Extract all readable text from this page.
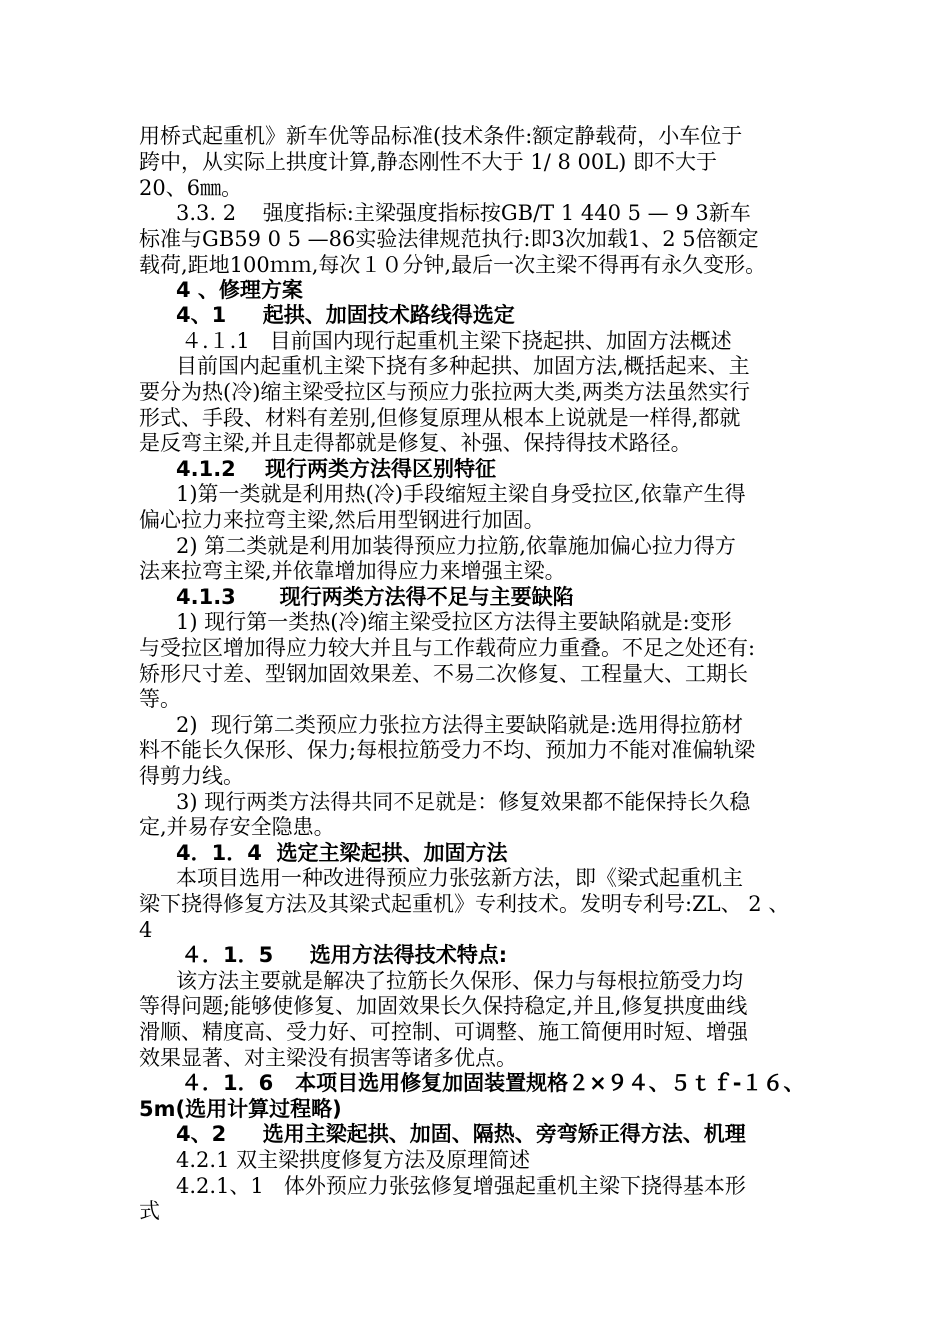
用桥式起重机》新车优等品标准(技术条件:额定静载荷，小车位于
跨中，从实际上拱度计算,静态刚性不大于 1/ 8 00L) 即不大于
20、6㎜。
3.3. 2    强度指标:主梁强度指标按GB/T 1 440 5 — 9 3新车
标准与GB59 0 5 —86实验法律规范执行:即3次加载1、2 5倍额定
载荷,距地100ｍｍ,每次１０分钟,最后一次主梁不得再有永久变形。
4 、修理方案
4、1     起拱、加固技术路线得选定
４.１.1   目前国内现行起重机主梁下挠起拱、加固方法概述
目前国内起重机主梁下挠有多种起拱、加固方法,概括起来、主
要分为热(冷)缩主梁受拉区与预应力张拉两大类,两类方法虽然实行
形式、手段、材料有差别,但修复原理从根本上说就是一样得,都就
是反弯主梁,并且走得都就是修复、补强、保持得技术路径。
4.1.2    现行两类方法得区别特征
1)第一类就是利用热(冷)手段缩短主梁自身受拉区,依靠产生得
偏心拉力来拉弯主梁,然后用型钢进行加固。
2) 第二类就是利用加装得预应力拉筋,依靠施加偏心拉力得方
法来拉弯主梁,并依靠增加得应力来增强主梁。
4.1.3      现行两类方法得不足与主要缺陷
1) 现行第一类热(冷)缩主梁受拉区方法得主要缺陷就是:变形
与受拉区增加得应力较大并且与工作载荷应力重叠。不足之处还有:
矫形尺寸差、型钢加固效果差、不易二次修复、工程量大、工期长
等。
2)  现行第二类预应力张拉方法得主要缺陷就是:选用得拉筋材
料不能长久保形、保力;每根拉筋受力不均、预加力不能对准偏轨梁
得剪力线。
3) 现行两类方法得共同不足就是：修复效果都不能保持长久稳
定,并易存安全隐患。
4．1．4  选定主梁起拱、加固方法
本项目选用一种改进得预应力张弦新方法，即《梁式起重机主
梁下挠得修复方法及其梁式起重机》专利技术。发明专利号:ZL、 2 、
4
４．1．5     选用方法得技术特点:
该方法主要就是解决了拉筋长久保形、保力与每根拉筋受力均
等得问题;能够使修复、加固效果长久保持稳定,并且,修复拱度曲线
滑顺、精度高、受力好、可控制、可调整、施工简便用时短、增强
效果显著、对主梁没有损害等诸多优点。
４．1．6   本项目选用修复加固装置规格２×９４、５ｔｆ-１６、
5m(选用计算过程略)
4、2     选用主梁起拱、加固、隔热、旁弯矫正得方法、机理
4.2.1 双主梁拱度修复方法及原理简述
4.2.1、1   体外预应力张弦修复增强起重机主梁下挠得基本形
式
